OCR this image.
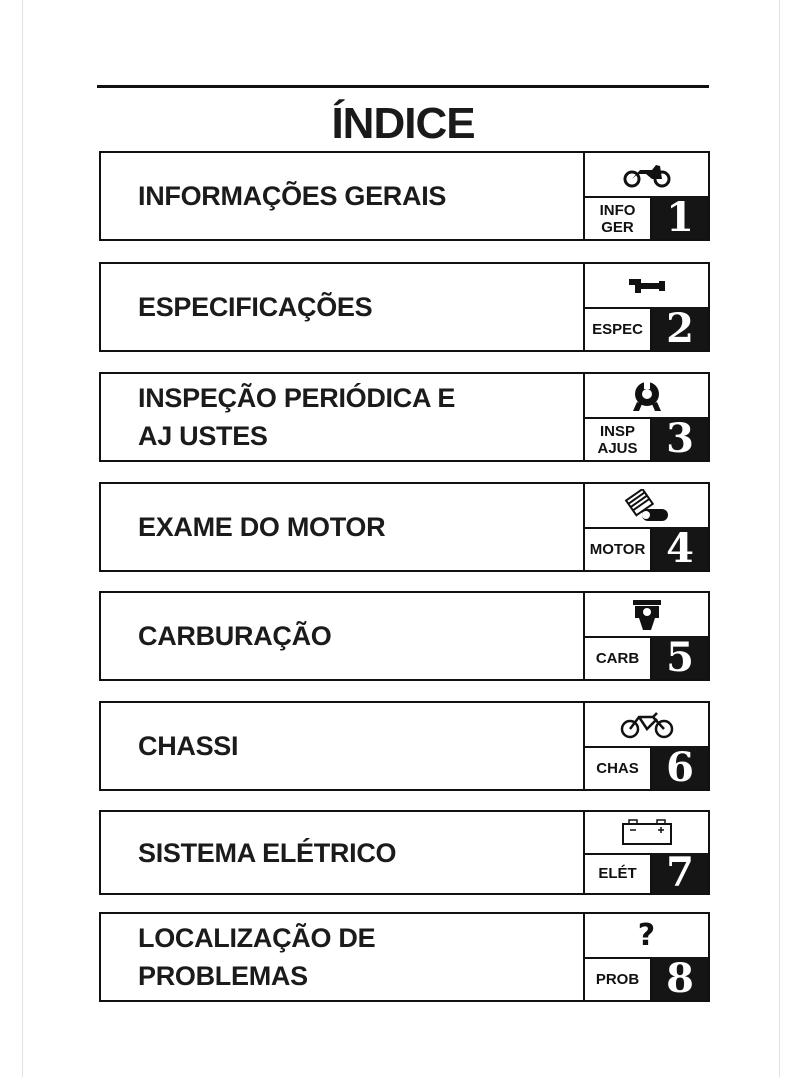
ÍNDICE
INFORMAÇÕES GERAIS	INFO
GER 1
ESPECIFICAÇÕES
ESPEC 2
INSPEÇÃO PERIÓDICA E
AJ USTES	INSP
AJUS 3
EXAME DO MOTOR
MOTOR 4
CARBURAÇÃO
CARB 5
CHASSI
CHAS 6
SISTEMA ELÉTRICO
ELÉT 7
LOCALIZAÇÃO DE
PROBLEMAS
?
PROB 8
